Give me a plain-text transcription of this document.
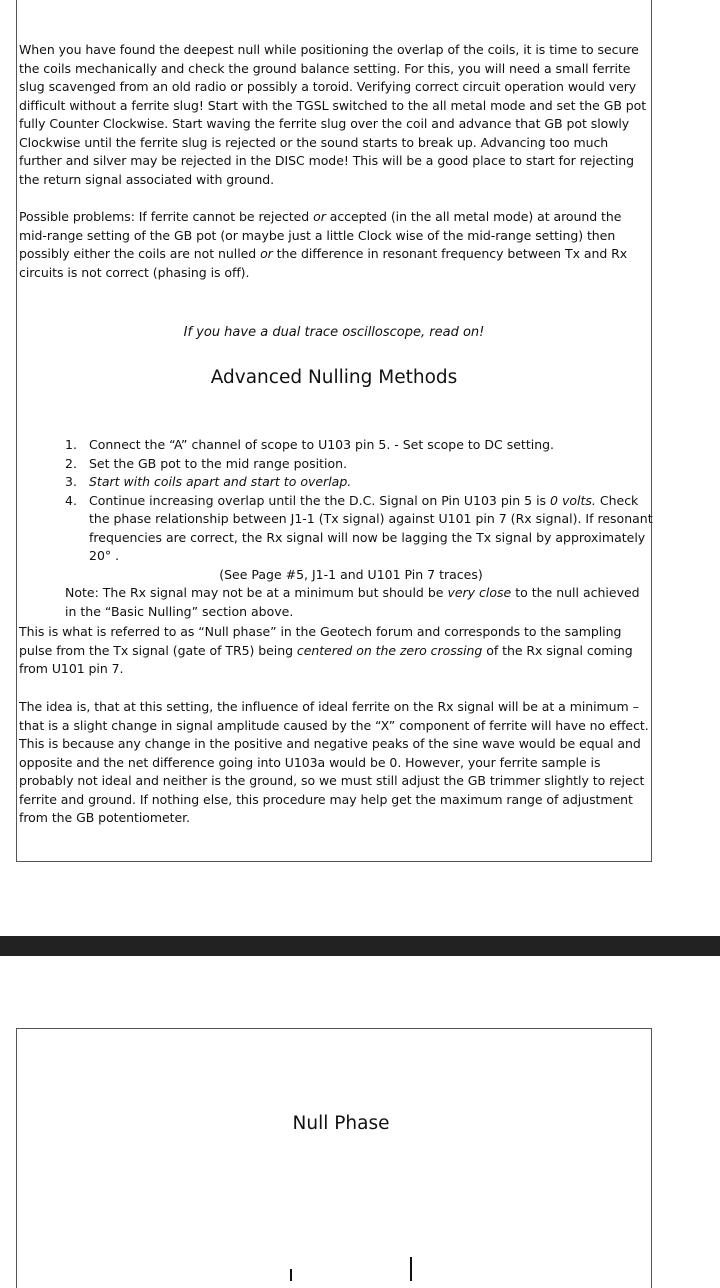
When you have found the deepest null while positioning the overlap of the coils, it is time to secure the coils mechanically and check the ground balance setting. For this, you will need a small ferrite slug scavenged from an old radio or possibly a toroid. Verifying correct circuit operation would very difficult without a ferrite slug! Start with the TGSL switched to the all metal mode and set the GB pot fully Counter Clockwise. Start waving the ferrite slug over the coil and advance that GB pot slowly Clockwise until the ferrite slug is rejected or the sound starts to break up. Advancing too much further and silver may be rejected in the DISC mode! This will be a good place to start for rejecting the return signal associated with ground.

Possible problems: If ferrite cannot be rejected or accepted (in the all metal mode) at around the mid-range setting of the GB pot (or maybe just a little Clock wise of the mid-range setting) then possibly either the coils are not nulled or the difference in resonant frequency between Tx and Rx circuits is not correct (phasing is off).

If you have a dual trace oscilloscope, read on!
Advanced Nulling Methods
1. Connect the “A” channel of scope to U103 pin 5. - Set scope to DC setting.
2. Set the GB pot to the mid range position.
3. Start with coils apart and start to overlap.
4. Continue increasing overlap until the the D.C. Signal on Pin U103 pin 5 is 0 volts. Check the phase relationship between J1-1 (Tx signal) against U101 pin 7 (Rx signal). If resonant frequencies are correct, the Rx signal will now be lagging the Tx signal by approximately 20° .
(See Page #5, J1-1 and U101 Pin 7 traces)
Note: The Rx signal may not be at a minimum but should be very close to the null achieved in the “Basic Nulling” section above.

This is what is referred to as “Null phase” in the Geotech forum and corresponds to the sampling pulse from the Tx signal (gate of TR5) being centered on the zero crossing of the Rx signal coming from U101 pin 7.

The idea is, that at this setting, the influence of ideal ferrite on the Rx signal will be at a minimum – that is a slight change in signal amplitude caused by the “X” component of ferrite will have no effect. This is because any change in the positive and negative peaks of the sine wave would be equal and opposite and the net difference going into U103a would be 0. However, your ferrite sample is probably not ideal and neither is the ground, so we must still adjust the GB trimmer slightly to reject ferrite and ground. If nothing else, this procedure may help get the maximum range of adjustment from the GB potentiometer.

Null Phase
